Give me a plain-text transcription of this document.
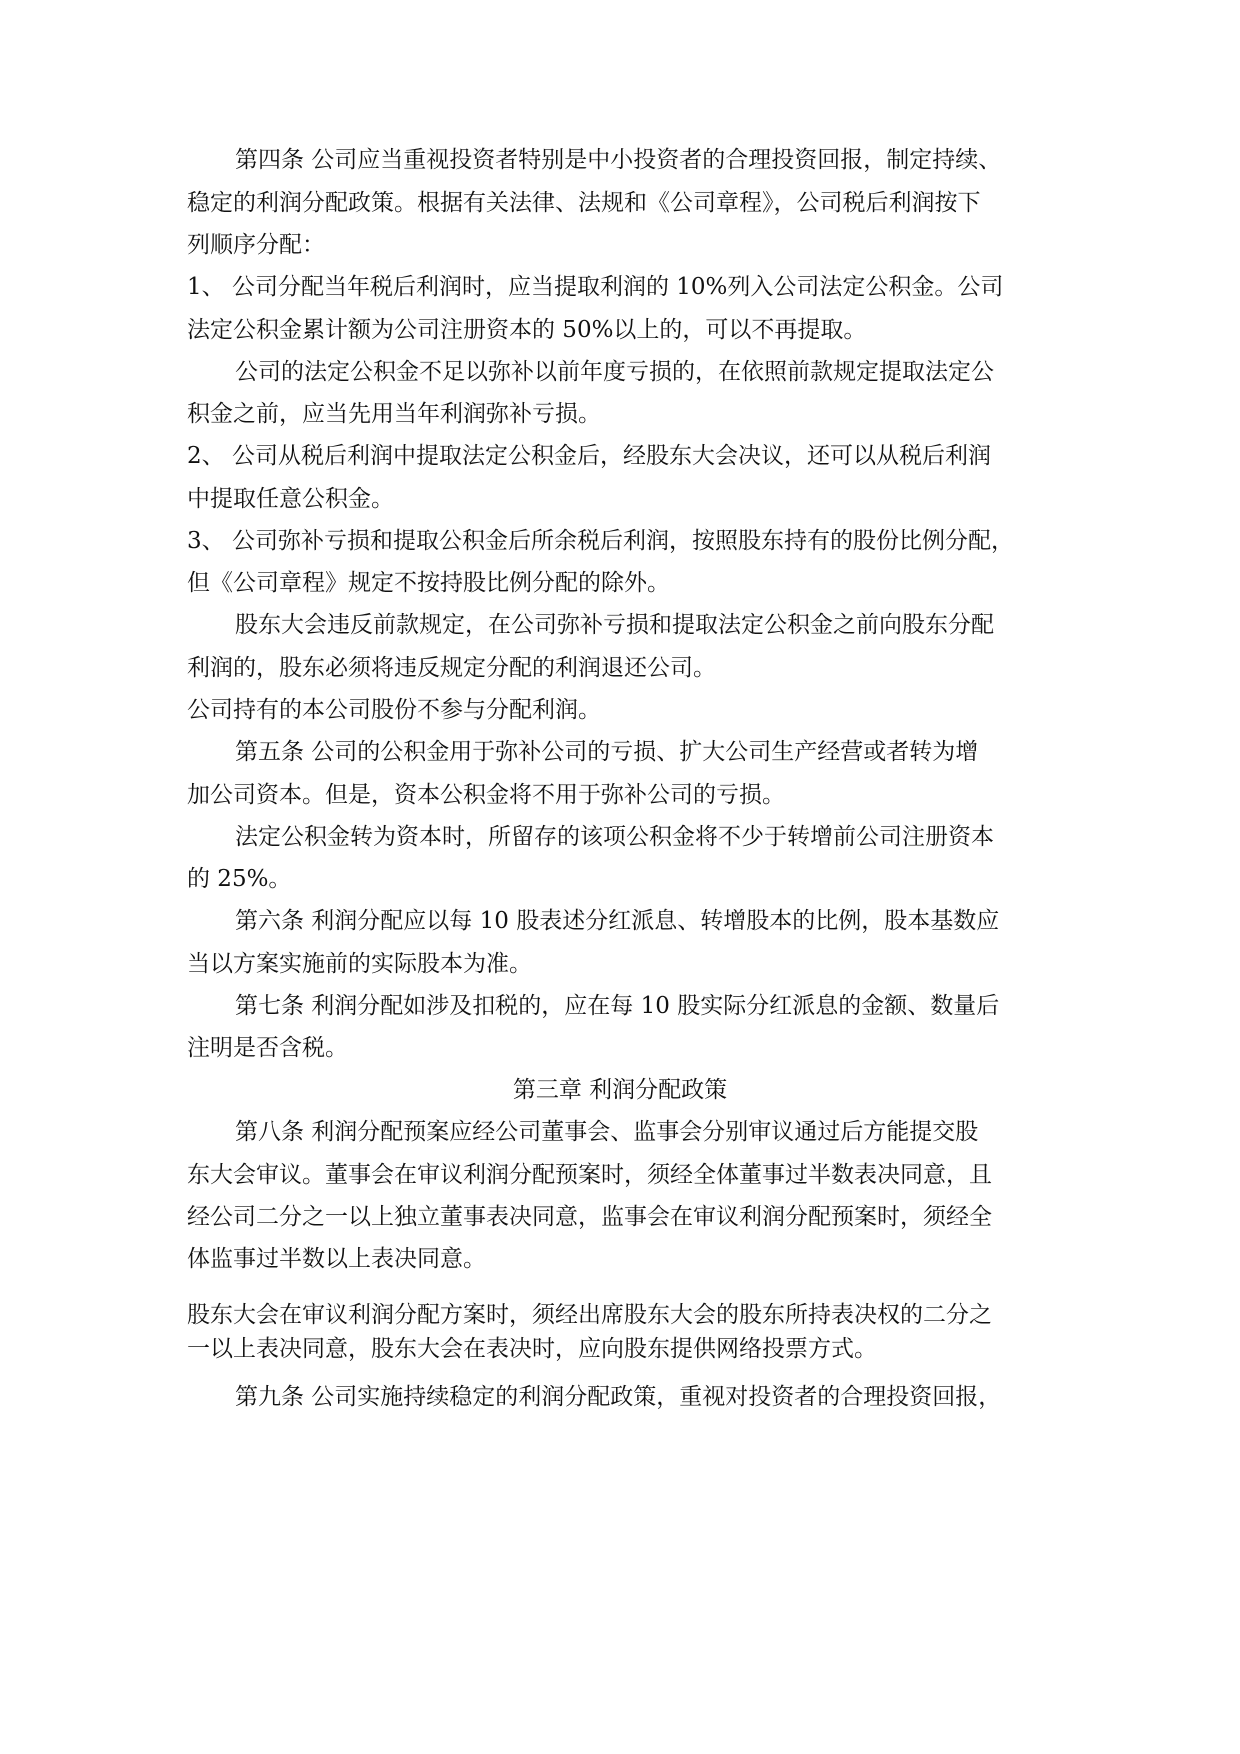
第四条 公司应当重视投资者特别是中小投资者的合理投资回报，制定持续、

稳定的利润分配政策。根据有关法律、法规和《公司章程》，公司税后利润按下

列顺序分配：

1、 公司分配当年税后利润时，应当提取利润的 10%列入公司法定公积金。公司

法定公积金累计额为公司注册资本的 50%以上的，可以不再提取。

公司的法定公积金不足以弥补以前年度亏损的，在依照前款规定提取法定公

积金之前，应当先用当年利润弥补亏损。

2、 公司从税后利润中提取法定公积金后，经股东大会决议，还可以从税后利润

中提取任意公积金。

3、 公司弥补亏损和提取公积金后所余税后利润，按照股东持有的股份比例分配，

但《公司章程》规定不按持股比例分配的除外。

股东大会违反前款规定，在公司弥补亏损和提取法定公积金之前向股东分配

利润的，股东必须将违反规定分配的利润退还公司。

公司持有的本公司股份不参与分配利润。

第五条 公司的公积金用于弥补公司的亏损、扩大公司生产经营或者转为增

加公司资本。但是，资本公积金将不用于弥补公司的亏损。

法定公积金转为资本时，所留存的该项公积金将不少于转增前公司注册资本

的 25%。

第六条 利润分配应以每 10 股表述分红派息、转增股本的比例，股本基数应

当以方案实施前的实际股本为准。

第七条 利润分配如涉及扣税的，应在每 10 股实际分红派息的金额、数量后

注明是否含税。

第三章 利润分配政策

第八条 利润分配预案应经公司董事会、监事会分别审议通过后方能提交股

东大会审议。董事会在审议利润分配预案时，须经全体董事过半数表决同意，且

经公司二分之一以上独立董事表决同意，监事会在审议利润分配预案时，须经全

体监事过半数以上表决同意。

股东大会在审议利润分配方案时，须经出席股东大会的股东所持表决权的二分之

一以上表决同意，股东大会在表决时，应向股东提供网络投票方式。

第九条 公司实施持续稳定的利润分配政策，重视对投资者的合理投资回报，
